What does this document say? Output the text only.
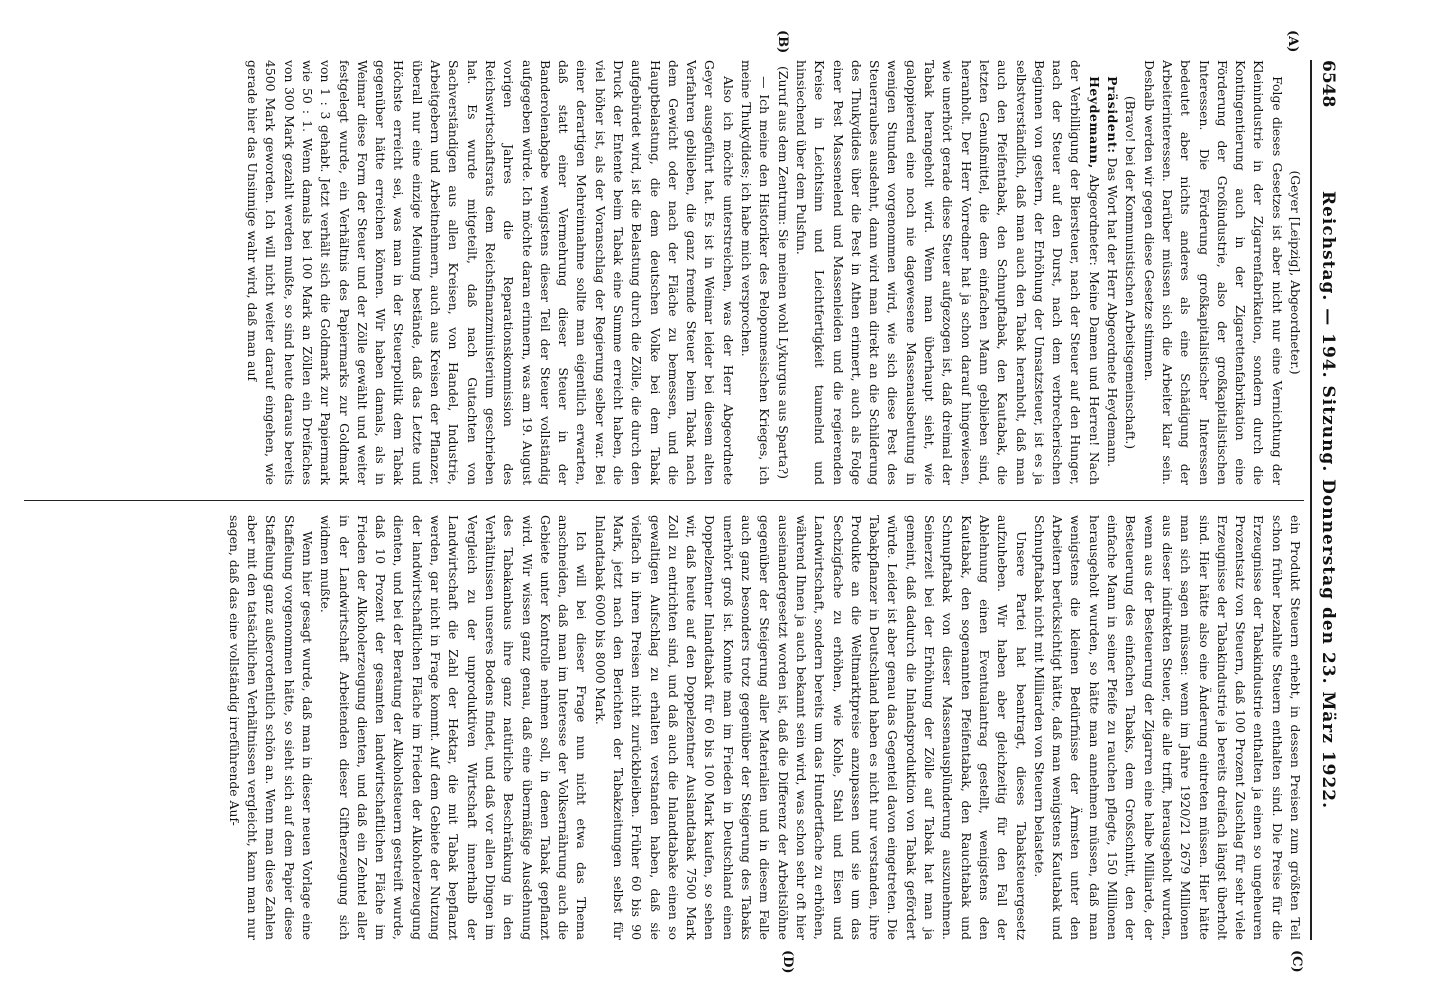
6548
Reichstag. — 194. Sitzung. Donnerstag den 23. März 1922.
(A)
(B)
(C)
(D)

(Geyer [Leipzig], Abgeordneter.)

Folge dieses Gesetzes ist aber nicht nur eine Vernichtung der Kleinindustrie in der Zigarrenfabrikation, sondern durch die Kontingentierung auch in der Zigarettenfabrikation eine Förderung der Großindustrie, also der großkapitalistischen Interessen. Die Förderung großkapitalistischer Interessen bedeutet aber nichts anderes als eine Schädigung der Arbeiterinteressen. Darüber müssen sich die Arbeiter klar sein. Deshalb werden wir gegen diese Gesetze stimmen.

(Bravo! bei der Kommunistischen Arbeitsgemeinschaft.)

Präsident: Das Wort hat der Herr Abgeordnete Heydemann.

Heydemann, Abgeordneter: Meine Damen und Herren! Nach der Verbilligung der Biersteuer, nach der Steuer auf den Hunger, nach der Steuer auf den Durst, nach dem verbrecherischen Beginnen von gestern, der Erhöhung der Umsatzsteuer, ist es ja selbstverständlich, daß man auch den Tabak heranholt, daß man auch den Pfeifentabak, den Schnupftabak, den Kautabak, die letzten Genußmittel, die dem einfachen Mann geblieben sind, heranholt. Der Herr Vorredner hat ja schon darauf hingewiesen, wie unerhört gerade diese Steuer aufgezogen ist, daß dreimal der Tabak herangeholt wird. Wenn man überhaupt sieht, wie galoppierend eine noch nie dagewesene Massenausbeutung in wenigen Stunden vorgenommen wird, wie sich diese Pest des Steuerraubes ausdehnt, dann wird man direkt an die Schilderung des Thukydides über die Pest in Athen erinnert, auch als Folge einer Pest Massenelend und Massenleiden und die regierenden Kreise in Leichtsinn und Leichtfertigkeit taumelnd und hinsiechend über dem Pulsfun.

(Zuruf aus dem Zentrum: Sie meinen wohl Lykurgus aus Sparta?)

— Ich meine den Historiker des Peloponnesischen Krieges, ich meine Thukydides; ich habe mich versprochen.

Also ich möchte unterstreichen, was der Herr Abgeordnete Geyer ausgeführt hat. Es ist in Weimar leider bei diesem alten Verfahren geblieben, die ganz fremde Steuer beim Tabak nach dem Gewicht oder nach der Fläche zu bemessen, und die Hauptbelastung, die dem deutschen Volke bei dem Tabak aufgebürdet wird, ist die Belastung durch die Zölle, die durch den Druck der Entente beim Tabak eine Summe erreicht haben, die viel höher ist, als der Voranschlag der Regierung selber war. Bei einer derartigen Mehreinnahme sollte man eigentlich erwarten, daß statt einer Vermehrung dieser Steuer in der Banderolenabgabe wenigstens dieser Teil der Steuer vollständig aufgegeben würde. Ich möchte daran erinnern, was am 19. August vorigen Jahres die Reparationskommission des Reichswirtschaftsrats dem Reichsfinanzministerium geschrieben hat. Es wurde mitgeteilt, daß nach Gutachten von Sachverständigen aus allen Kreisen, von Handel, Industrie, Arbeitgebern und Arbeitnehmern, auch aus Kreisen der Pflanzer, überall nur eine einzige Meinung bestände, daß das Letzte und Höchste erreicht sei, was man in der Steuerpolitik dem Tabak gegenüber hätte erreichen können. Wir haben damals, als in Weimar diese Form der Steuer und der Zölle gewählt und weiter festgelegt wurde, ein Verhältnis des Papiermarks zur Goldmark von 1 : 3 gehabt. Jetzt verhält sich die Goldmark zur Papiermark wie 50 : 1. Wenn damals bei 100 Mark an Zöllen ein Dreifaches von 300 Mark gezahlt werden mußte, so sind heute daraus bereits 4500 Mark geworden. Ich will nicht weiter darauf eingehen, wie gerade hier das Unsinnige wahr wird, daß man auf

ein Produkt Steuern erhebt, in dessen Preisen zum größten Teil schon früher bezahlte Steuern enthalten sind. Die Preise für die Erzeugnisse der Tabakindustrie enthalten ja einen so ungeheuren Prozentsatz von Steuern, daß 100 Prozent Zuschlag für sehr viele Erzeugnisse der Tabakindustrie ja bereits dreifach längst überholt sind. Hier hätte also eine Änderung eintreten müssen. Hier hätte man sich sagen müssen: wenn im Jahre 1920/21 2679 Millionen aus dieser indirekten Steuer, die alle trifft, herausgeholt wurden, wenn aus der Besteuerung der Zigarren eine halbe Milliarde, der Besteuerung des einfachen Tabaks, dem Großschnitt, den der einfache Mann in seiner Pfeife zu rauchen pflegte, 150 Millionen herausgeholt wurden, so hätte man annehmen müssen, daß man wenigstens die kleinen Bedürfnisse der Ärmsten unter den Arbeitern berücksichtigt hätte, daß man wenigstens Kautabak und Schnupftabak nicht mit Milliarden von Steuern belastete.

Unsere Partei hat beantragt, dieses Tabaksteuergesetz aufzuheben. Wir haben aber gleichzeitig für den Fall der Ablehnung einen Eventualantrag gestellt, wenigstens den Kautabak, den sogenannten Pfeifentabak, den Rauchtabak und Schnupftabak von dieser Massenausplünderung auszunehmen. Seinerzeit bei der Erhöhung der Zölle auf Tabak hat man ja gemeint, daß dadurch die Inlandsproduktion von Tabak gefördert würde. Leider ist aber genau das Gegenteil davon eingetreten. Die Tabakpflanzer in Deutschland haben es nicht nur verstanden, ihre Produkte an die Weltmarktpreise anzupassen und sie um das Sechzigfache zu erhöhen, wie Kohle, Stahl und Eisen und Landwirtschaft, sondern bereits um das Hundertfache zu erhöhen, während Ihnen ja auch bekannt sein wird, was schon sehr oft hier auseinandergesetzt worden ist, daß die Differenz der Arbeitslöhne gegenüber der Steigerung aller Materialien und in diesem Falle auch ganz besonders trotz gegenüber der Steigerung des Tabaks unerhört groß ist. Konnte man im Frieden in Deutschland einen Doppelzentner Inlandtabak für 60 bis 100 Mark kaufen, so sehen wir, daß heute auf den Doppelzentner Auslandtabak 7500 Mark Zoll zu entrichten sind, und daß auch die Inlandtabake einen so gewaltigen Aufschlag zu erhalten verstanden haben, daß sie vielfach in ihren Preisen nicht zurückbleiben. Früher 60 bis 90 Mark, jetzt nach den Berichten der Tabakzeitungen selbst für Inlandtabak 6000 bis 8000 Mark.

Ich will bei dieser Frage nun nicht etwa das Thema anschneiden, daß man im Interesse der Volksernährung auch die Gebiete unter Kontrolle nehmen soll, in denen Tabak gepflanzt wird. Wir wissen ganz genau, daß eine übermäßige Ausdehnung des Tabakanbaus ihre ganz natürliche Beschränkung in den Verhältnissen unseres Bodens findet, und daß vor allen Dingen im Vergleich zu der unproduktiven Wirtschaft innerhalb der Landwirtschaft die Zahl der Hektar, die mit Tabak bepflanzt werden, gar nicht in Frage kommt. Auf dem Gebiete der Nutzung der landwirtschaftlichen Fläche im Frieden der Alkoholerzeugung dienten, und bei der Beratung der Alkoholsteuern gestreift wurde, daß 10 Prozent der gesamten landwirtschaftlichen Fläche im Frieden der Alkoholerzeugung dienten, und daß ein Zehntel aller in der Landwirtschaft Arbeitenden dieser Giftherzeugung sich widmen mußte.

Wenn hier gesagt wurde, daß man in dieser neuen Vorlage eine Staffelung vorgenommen hätte, so sieht sich auf dem Papier diese Staffelung ganz außerordentlich schön an. Wenn man diese Zahlen aber mit den tatsächlichen Verhältnissen vergleicht, kann man nur sagen, daß das eine vollständig irreführende Auf-
